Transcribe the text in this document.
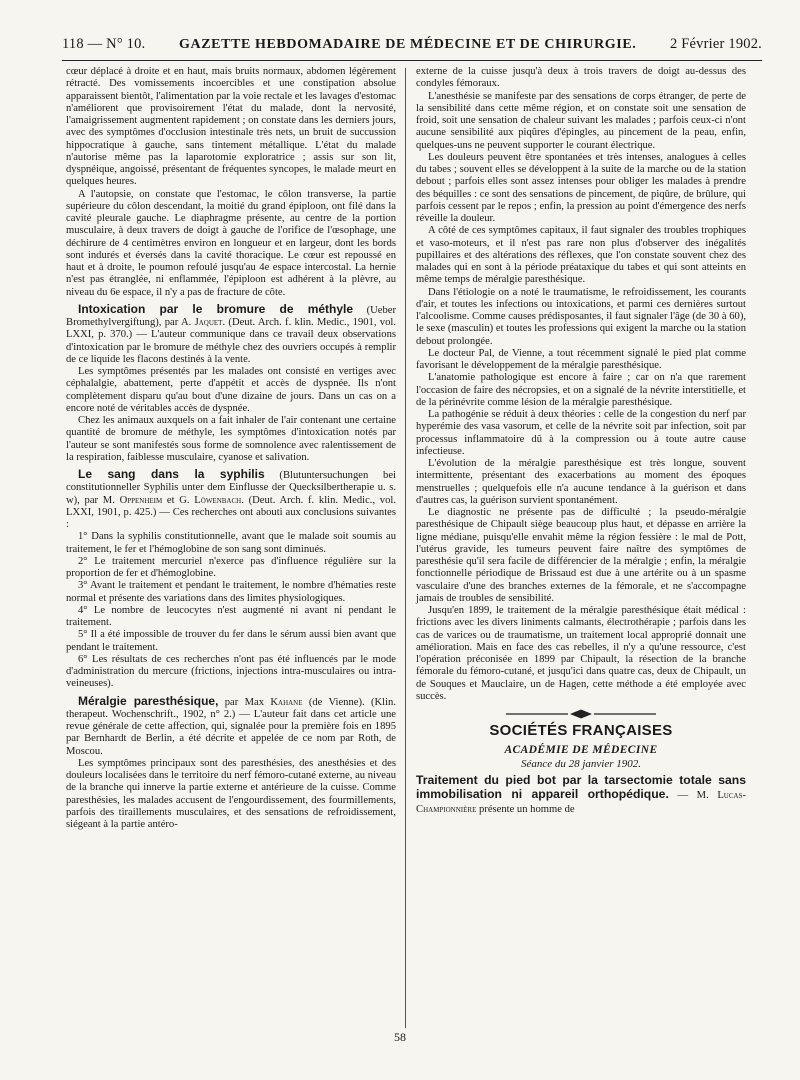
118 — N° 10. GAZETTE HEBDOMADAIRE DE MÉDECINE ET DE CHIRURGIE. 2 Février 1902.

cœur déplacé à droite et en haut, mais bruits normaux, abdomen légèrement rétracté. Des vomissements incoercibles et une constipation absolue apparaissent bientôt, l'alimentation par la voie rectale et les lavages d'estomac n'améliorent que provisoirement l'état du malade, dont la nervosité, l'amaigrissement augmentent rapidement ; on constate dans les derniers jours, avec des symptômes d'occlusion intestinale très nets, un bruit de succussion hippocratique à gauche, sans tintement métallique. L'état du malade n'autorise même pas la laparotomie exploratrice ; assis sur son lit, dyspnéique, angoissé, présentant de fréquentes syncopes, le malade meurt en quelques heures.

A l'autopsie, on constate que l'estomac, le côlon transverse, la partie supérieure du côlon descendant, la moitié du grand épiploon, ont filé dans la cavité pleurale gauche. Le diaphragme présente, au centre de la portion musculaire, à deux travers de doigt à gauche de l'orifice de l'œsophage, une déchirure de 4 centimètres environ en longueur et en largeur, dont les bords sont indurés et éversés dans la cavité thoracique. Le cœur est repoussé en haut et à droite, le poumon refoulé jusqu'au 4e espace intercostal. La hernie n'est pas étranglée, ni enflammée, l'épiploon est adhérent à la plèvre, au niveau du 6e espace, il n'y a pas de fracture de côte.

Intoxication par le bromure de méthyle (Ueber Bromethylvergiftung), par A. Jaquet. (Deut. Arch. f. klin. Medic., 1901, vol. LXXI, p. 370.) — L'auteur communique dans ce travail deux observations d'intoxication par le bromure de méthyle chez des ouvriers occupés à remplir de ce liquide les flacons destinés à la vente.

Les symptômes présentés par les malades ont consisté en vertiges avec céphalalgie, abattement, perte d'appétit et accès de dyspnée. Ils n'ont complètement disparu qu'au bout d'une dizaine de jours. Dans un cas on a encore noté de véritables accès de dyspnée.

Chez les animaux auxquels on a fait inhaler de l'air contenant une certaine quantité de bromure de méthyle, les symptômes d'intoxication notés par l'auteur se sont manifestés sous forme de somnolence avec ralentissement de la respiration, faiblesse musculaire, cyanose et salivation.

Le sang dans la syphilis (Blutuntersuchungen bei constitutionneller Syphilis unter dem Einflusse der Quecksilbertherapie u. s. w), par M. Oppenheim et G. Löwenbach. (Deut. Arch. f. klin. Medic., vol. LXXI, 1901, p. 425.) — Ces recherches ont abouti aux conclusions suivantes :

1° Dans la syphilis constitutionnelle, avant que le malade soit soumis au traitement, le fer et l'hémoglobine de son sang sont diminués.

2° Le traitement mercuriel n'exerce pas d'influence régulière sur la proportion de fer et d'hémoglobine.

3° Avant le traitement et pendant le traitement, le nombre d'hématies reste normal et présente des variations dans des limites physiologiques.

4° Le nombre de leucocytes n'est augmenté ni avant ni pendant le traitement.

5° Il a été impossible de trouver du fer dans le sérum aussi bien avant que pendant le traitement.

6° Les résultats de ces recherches n'ont pas été influencés par le mode d'administration du mercure (frictions, injections intra-musculaires ou intra-veineuses).

Méralgie paresthésique, par Max Kahane (de Vienne). (Klin. therapeut. Wochenschrift., 1902, n° 2.) — L'auteur fait dans cet article une revue générale de cette affection, qui, signalée pour la première fois en 1895 par Bernhardt de Berlin, a été décrite et appelée de ce nom par Roth, de Moscou.

Les symptômes principaux sont des paresthésies, des anesthésies et des douleurs localisées dans le territoire du nerf fémoro-cutané externe, au niveau de la branche qui innerve la partie externe et antérieure de la cuisse. Comme paresthésies, les malades accusent de l'engourdissement, des fourmillements, parfois des tiraillements musculaires, et des sensations de refroidissement, siégeant à la partie antéro-

externe de la cuisse jusqu'à deux à trois travers de doigt au-dessus des condyles fémoraux.

L'anesthésie se manifeste par des sensations de corps étranger, de perte de la sensibilité dans cette même région, et on constate soit une sensation de froid, soit une sensation de chaleur suivant les malades ; parfois ceux-ci n'ont aucune sensibilité aux piqûres d'épingles, au pincement de la peau, enfin, quelques-uns ne peuvent supporter le courant électrique.

Les douleurs peuvent être spontanées et très intenses, analogues à celles du tabes ; souvent elles se développent à la suite de la marche ou de la station debout ; parfois elles sont assez intenses pour obliger les malades à prendre des béquilles : ce sont des sensations de pincement, de piqûre, de brûlure, qui parfois cessent par le repos ; enfin, la pression au point d'émergence des nerfs réveille la douleur.

A côté de ces symptômes capitaux, il faut signaler des troubles trophiques et vaso-moteurs, et il n'est pas rare non plus d'observer des inégalités pupillaires et des altérations des réflexes, que l'on constate souvent chez des malades qui en sont à la période préataxique du tabes et qui sont atteints en même temps de méralgie paresthésique.

Dans l'étiologie on a noté le traumatisme, le refroidissement, les courants d'air, et toutes les infections ou intoxications, et parmi ces dernières surtout l'alcoolisme. Comme causes prédisposantes, il faut signaler l'âge (de 30 à 60), le sexe (masculin) et toutes les professions qui exigent la marche ou la station debout prolongée.

Le docteur Pal, de Vienne, a tout récemment signalé le pied plat comme favorisant le développement de la méralgie paresthésique.

L'anatomie pathologique est encore à faire ; car on n'a que rarement l'occasion de faire des nécropsies, et on a signalé de la névrite interstitielle, et de la périnévrite comme lésion de la méralgie paresthésique.

La pathogénie se réduit à deux théories : celle de la congestion du nerf par hyperémie des vasa vasorum, et celle de la névrite soit par infection, soit par processus inflammatoire dû à la compression ou à toute autre cause infectieuse.

L'évolution de la méralgie paresthésique est très longue, souvent intermittente, présentant des exacerbations au moment des époques menstruelles ; quelquefois elle n'a aucune tendance à la guérison et dans d'autres cas, la guérison survient spontanément.

Le diagnostic ne présente pas de difficulté ; la pseudo-méralgie paresthésique de Chipault siège beaucoup plus haut, et dépasse en arrière la ligne médiane, puisqu'elle envahit même la région fessière : le mal de Pott, l'utérus gravide, les tumeurs peuvent faire naître des symptômes de paresthésie qu'il sera facile de différencier de la méralgie ; enfin, la méralgie fonctionnelle périodique de Brissaud est due à une artérite ou à un spasme vasculaire d'une des branches externes de la fémorale, et ne s'accompagne jamais de troubles de sensibilité.

Jusqu'en 1899, le traitement de la méralgie paresthésique était médical : frictions avec les divers liniments calmants, électrothérapie ; parfois dans les cas de varices ou de traumatisme, un traitement local approprié donnait une amélioration. Mais en face des cas rebelles, il n'y a qu'une ressource, c'est l'opération préconisée en 1899 par Chipault, la résection de la branche fémorale du fémoro-cutané, et jusqu'ici dans quatre cas, deux de Chipault, un de Souques et Mauclaire, un de Hagen, cette méthode a été employée avec succès.

SOCIÉTÉS FRANÇAISES
ACADÉMIE DE MÉDECINE
Séance du 28 janvier 1902.

Traitement du pied bot par la tarsectomie totale sans immobilisation ni appareil orthopédique. — M. Lucas-Championnière présente un homme de

58
